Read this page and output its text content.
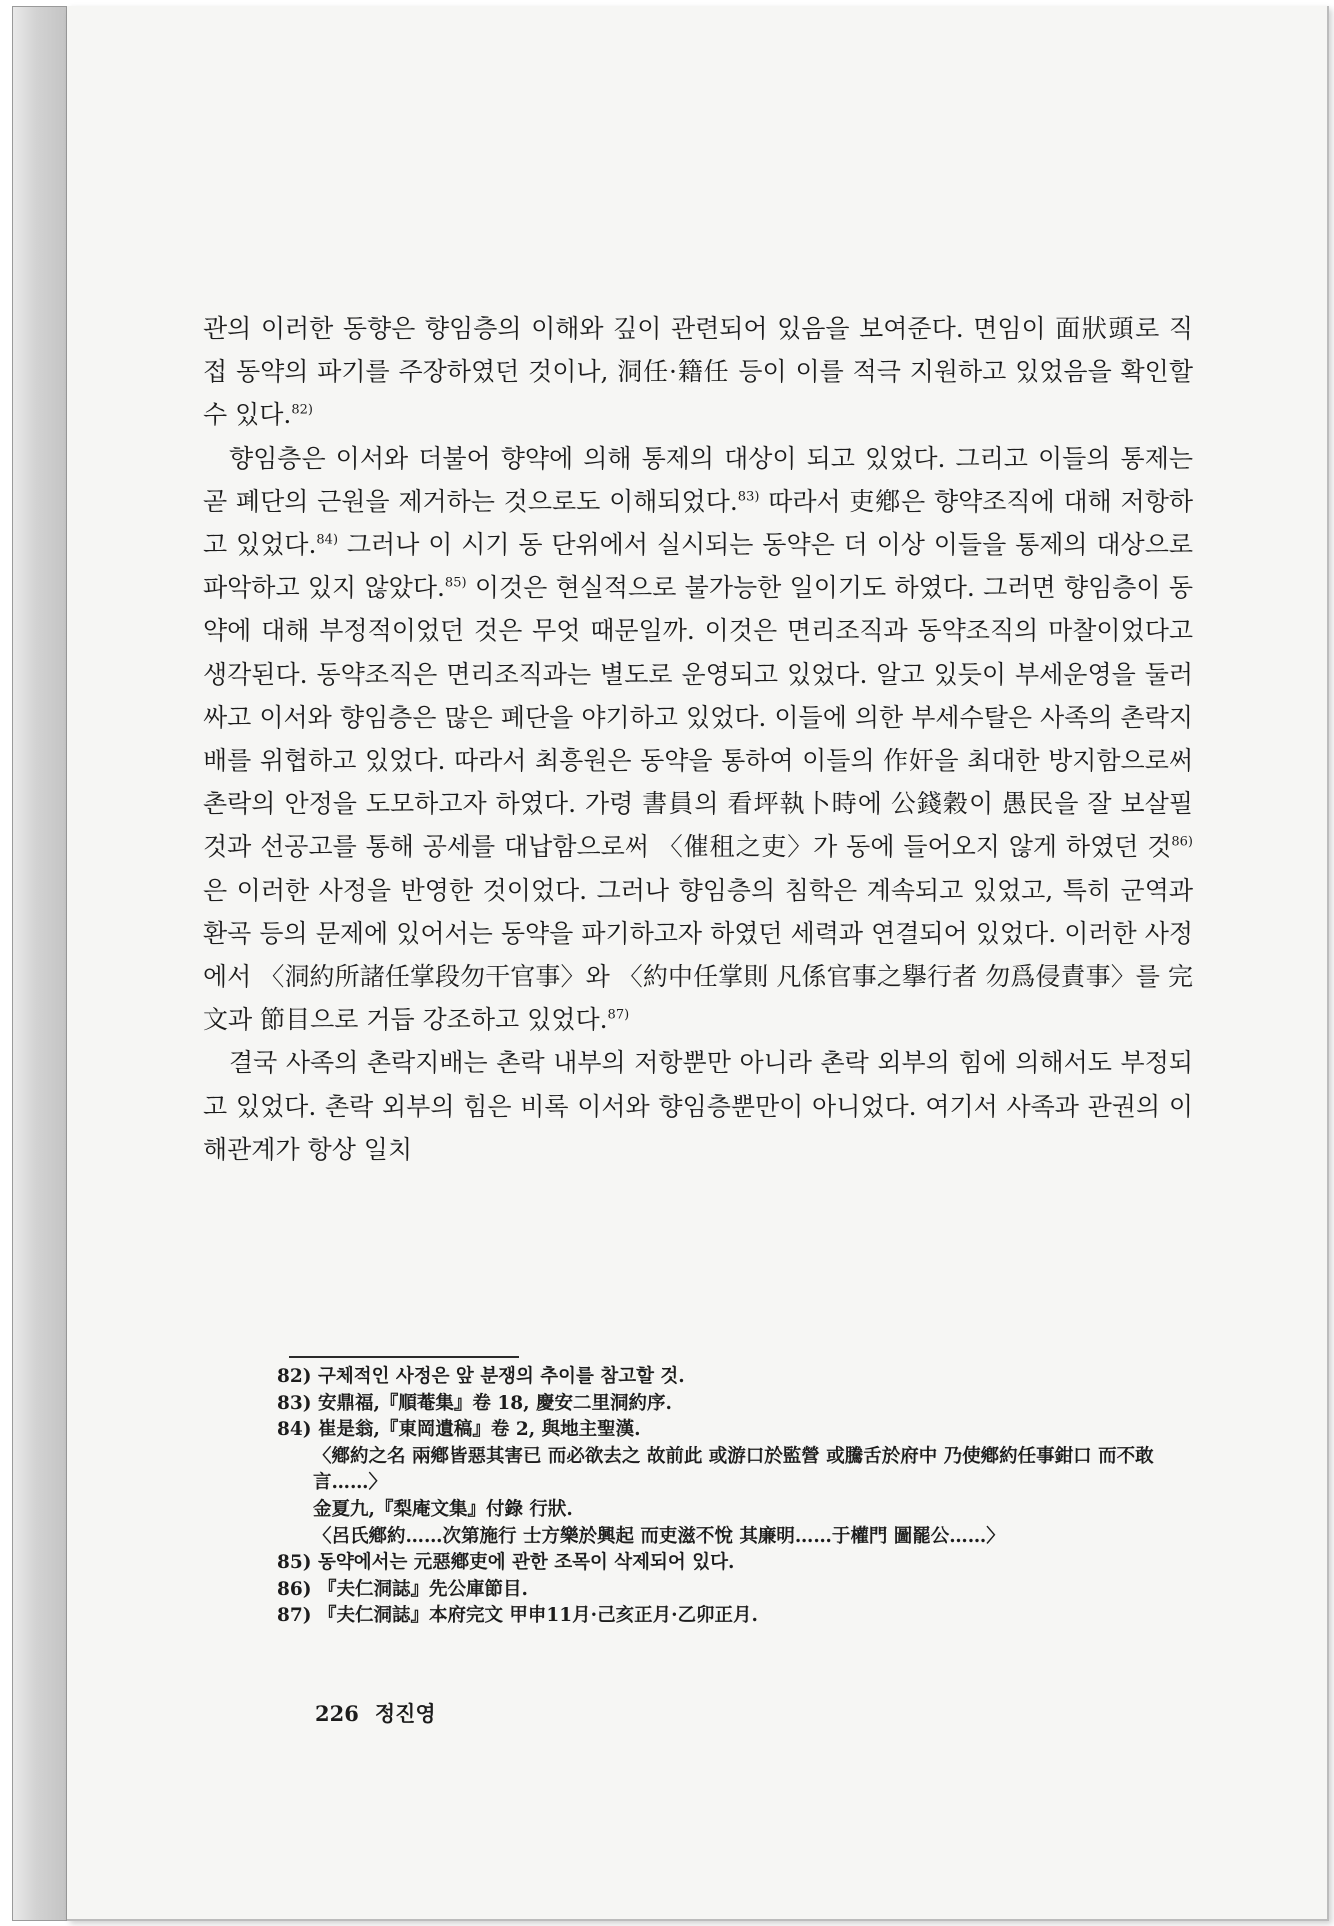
관의 이러한 동향은 향임층의 이해와 깊이 관련되어 있음을 보여준다. 면임이 面狀頭로 직접 동약의 파기를 주장하였던 것이나, 洞任·籍任 등이 이를 적극 지원하고 있었음을 확인할 수 있다.$^{82)}$

향임층은 이서와 더불어 향약에 의해 통제의 대상이 되고 있었다. 그리고 이들의 통제는 곧 폐단의 근원을 제거하는 것으로도 이해되었다.$^{83)}$ 따라서 吏鄕은 향약조직에 대해 저항하고 있었다.$^{84)}$ 그러나 이 시기 동 단위에서 실시되는 동약은 더 이상 이들을 통제의 대상으로 파악하고 있지 않았다.$^{85)}$ 이것은 현실적으로 불가능한 일이기도 하였다. 그러면 향임층이 동약에 대해 부정적이었던 것은 무엇 때문일까. 이것은 면리조직과 동약조직의 마찰이었다고 생각된다. 동약조직은 면리조직과는 별도로 운영되고 있었다. 알고 있듯이 부세운영을 둘러싸고 이서와 향임층은 많은 폐단을 야기하고 있었다. 이들에 의한 부세수탈은 사족의 촌락지배를 위협하고 있었다. 따라서 최흥원은 동약을 통하여 이들의 作奸을 최대한 방지함으로써 촌락의 안정을 도모하고자 하였다. 가령 書員의 看坪執卜時에 公錢穀이 愚民을 잘 보살필 것과 선공고를 통해 공세를 대납함으로써 〈催租之吏〉가 동에 들어오지 않게 하였던 것$^{86)}$은 이러한 사정을 반영한 것이었다. 그러나 향임층의 침학은 계속되고 있었고, 특히 군역과 환곡 등의 문제에 있어서는 동약을 파기하고자 하였던 세력과 연결되어 있었다. 이러한 사정에서 〈洞約所諸任掌段勿干官事〉와 〈約中任掌則 凡係官事之擧行者 勿爲侵責事〉를 完文과 節目으로 거듭 강조하고 있었다.$^{87)}$

결국 사족의 촌락지배는 촌락 내부의 저항뿐만 아니라 촌락 외부의 힘에 의해서도 부정되고 있었다. 촌락 외부의 힘은 비록 이서와 향임층뿐만이 아니었다. 여기서 사족과 관권의 이해관계가 항상 일치

82) 구체적인 사정은 앞 분쟁의 추이를 참고할 것.

83) 安鼎福,『順菴集』卷 18, 慶安二里洞約序.

84) 崔是翁,『東岡遺稿』卷 2, 與地主聖漢.

〈鄕約之名 兩鄕皆惡其害已 而必欲去之 故前此 或游口於監營 或騰舌於府中 乃使鄕約任事鉗口 而不敢言……〉

金夏九,『梨庵文集』付錄 行狀.

〈呂氏鄕約……次第施行 士方樂於興起 而吏滋不悅 其廉明……于權門 圖罷公……〉

85) 동약에서는 元惡鄕吏에 관한 조목이 삭제되어 있다.

86) 『夫仁洞誌』先公庫節目.

87) 『夫仁洞誌』本府完文 甲申11月·己亥正月·乙卯正月.

226 정진영
